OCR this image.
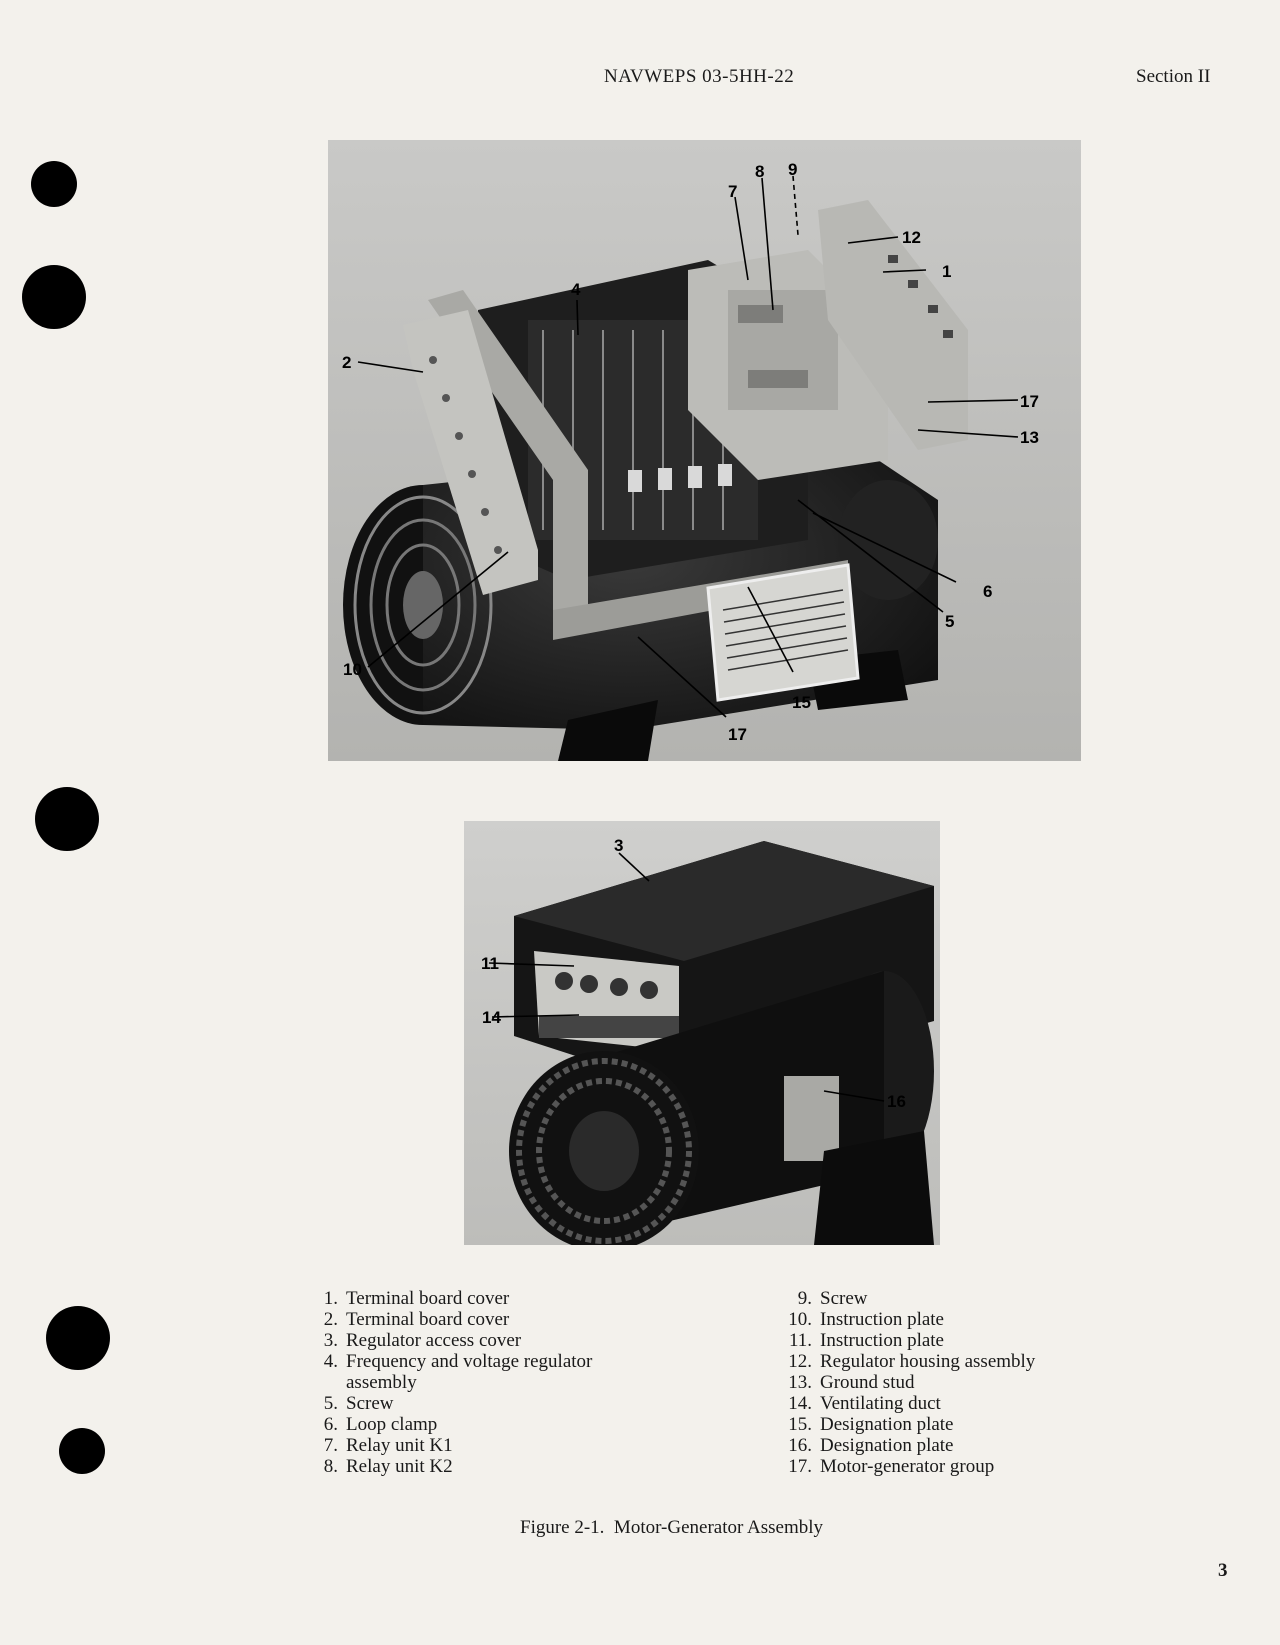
NAVWEPS 03-5HH-22	Section II
1
2
4
5
6
7
8 9
10
12
13
15
17
17
3
11
14
16
1. Terminal board cover
2. Terminal board cover
3. Regulator access cover
4. Frequency and voltage regulator
assembly
5. Screw
6. Loop clamp
7. Relay unit K1
8. Relay unit K2
9. Screw
10. Instruction plate
11. Instruction plate
12. Regulator housing assembly
13. Ground stud
14. Ventilating duct
15. Designation plate
16. Designation plate
17. Motor-generator group
Figure 2-1.  Motor-Generator Assembly
3
